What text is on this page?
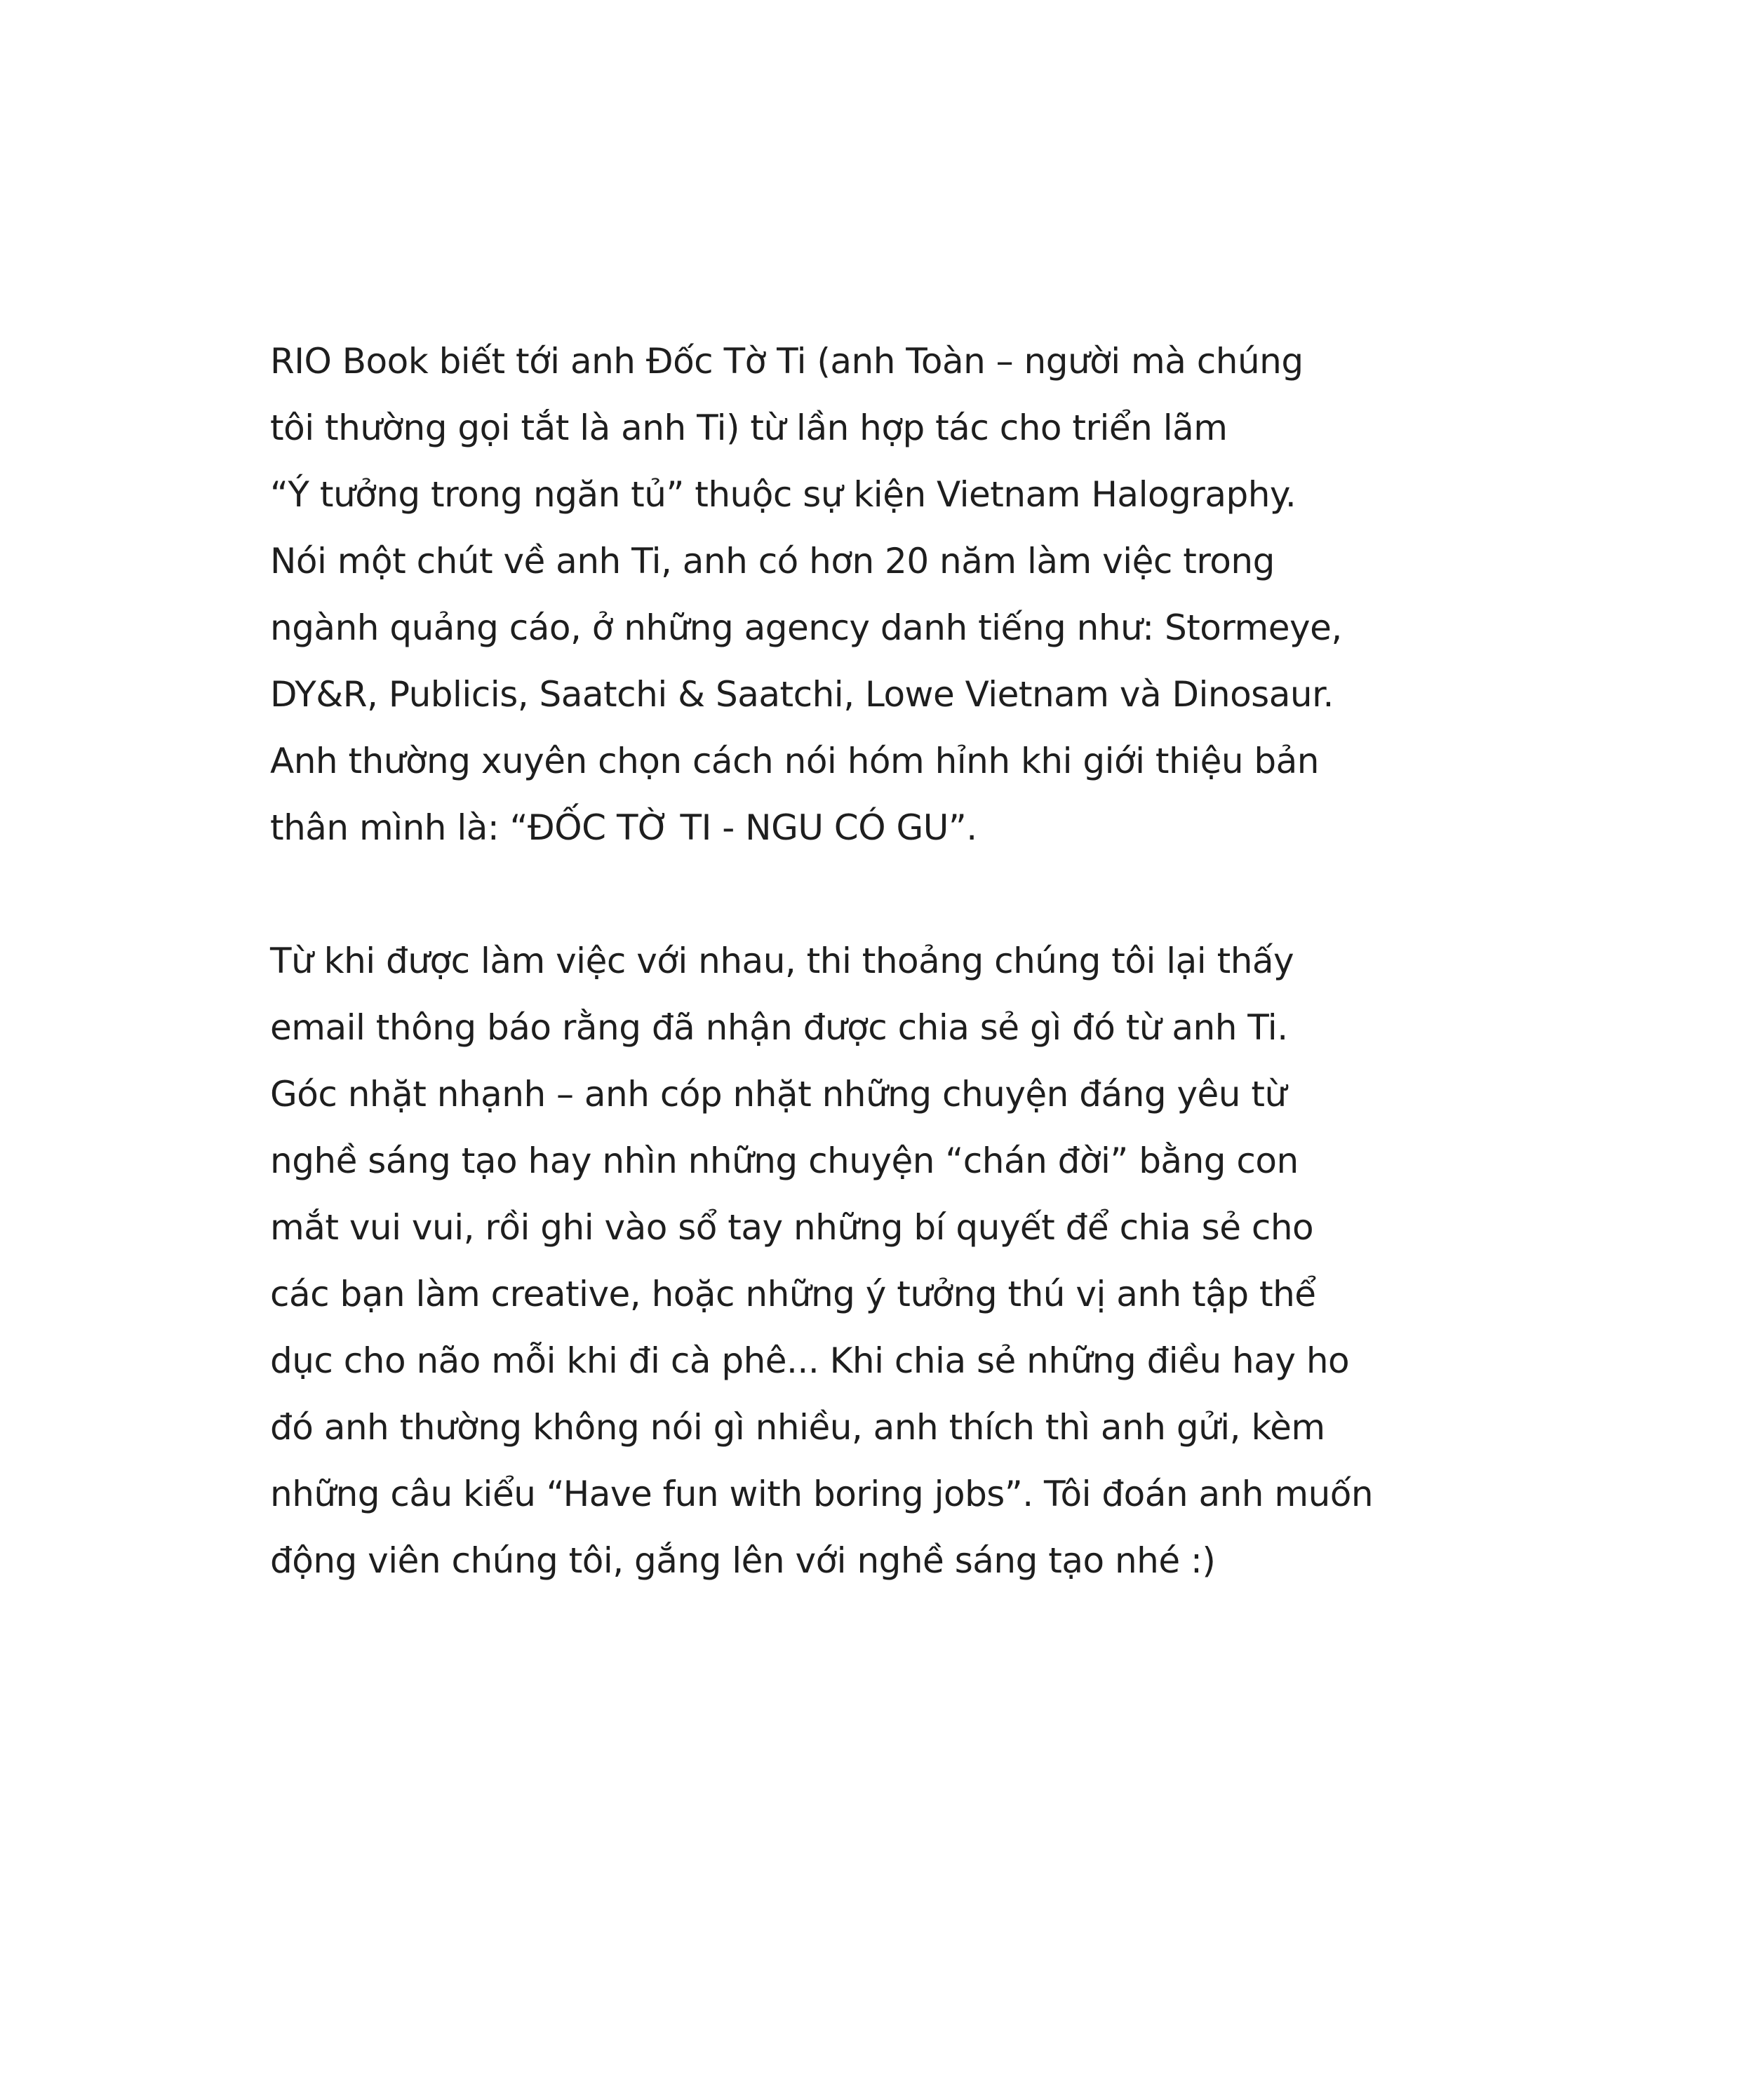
RIO Book biết tới anh Đốc Tờ Ti (anh Toàn – người mà chúng
tôi thường gọi tắt là anh Ti) từ lần hợp tác cho triển lãm
“Ý tưởng trong ngăn tủ” thuộc sự kiện Vietnam Halography.
Nói một chút về anh Ti, anh có hơn 20 năm làm việc trong
ngành quảng cáo, ở những agency danh tiếng như: Stormeye,
DY&R, Publicis, Saatchi & Saatchi, Lowe Vietnam và Dinosaur.
Anh thường xuyên chọn cách nói hóm hỉnh khi giới thiệu bản
thân mình là: “ĐỐC TỜ TI - NGU CÓ GU”.

Từ khi được làm việc với nhau, thi thoảng chúng tôi lại thấy
email thông báo rằng đã nhận được chia sẻ gì đó từ anh Ti.
Góc nhặt nhạnh – anh cóp nhặt những chuyện đáng yêu từ
nghề sáng tạo hay nhìn những chuyện “chán đời” bằng con
mắt vui vui, rồi ghi vào sổ tay những bí quyết để chia sẻ cho
các bạn làm creative, hoặc những ý tưởng thú vị anh tập thể
dục cho não mỗi khi đi cà phê... Khi chia sẻ những điều hay ho
đó anh thường không nói gì nhiều, anh thích thì anh gửi, kèm
những câu kiểu “Have fun with boring jobs”. Tôi đoán anh muốn
động viên chúng tôi, gắng lên với nghề sáng tạo nhé :)
